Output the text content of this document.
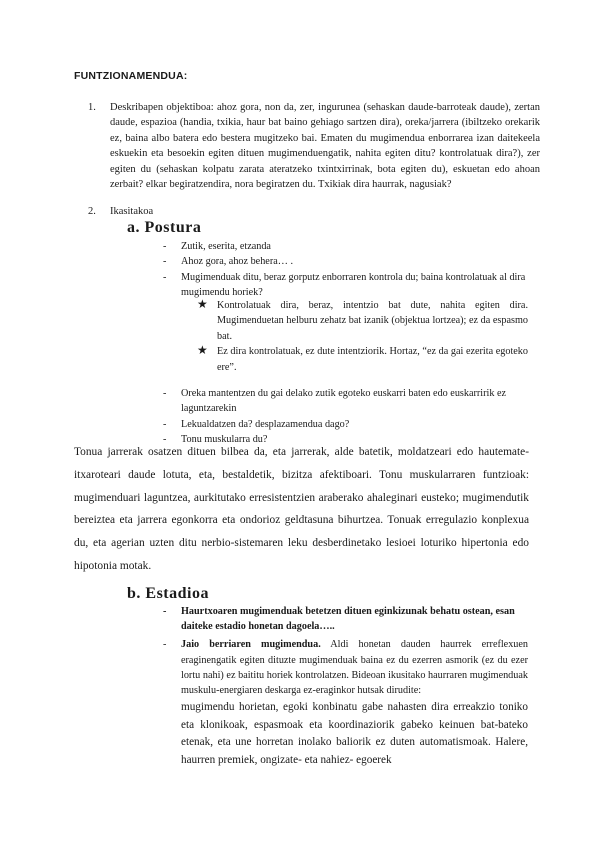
FUNTZIONAMENDUA:
1. Deskribapen objektiboa: ahoz gora, non da, zer, ingurunea (sehaskan daude-barroteak daude), zertan daude, espazioa (handia, txikia, haur bat baino gehiago sartzen dira), oreka/jarrera (ibiltzeko orekarik ez, baina albo batera edo bestera mugitzeko bai. Ematen du mugimendua enborrarea izan daitekeela eskuekin eta besoekin egiten dituen mugimenduengatik, nahita egiten ditu? kontrolatuak dira?), zer egiten du (sehaskan kolpatu zarata ateratzeko txintxirrinak, bota egiten du), eskuetan edo ahoan zerbait? elkar begiratzendira, nora begiratzen du. Txikiak dira haurrak, nagusiak?
2. Ikasitakoa
a. Postura
- Zutik, eserita, etzanda
- Ahoz gora, ahoz behera… .
- Mugimenduak ditu, beraz gorputz enborraren kontrola du; baina kontrolatuak al dira mugimendu horiek?
★ Kontrolatuak dira, beraz, intentzio bat dute, nahita egiten dira. Mugimenduetan helburu zehatz bat izanik (objektua lortzea); ez da espasmo bat.
★ Ez dira kontrolatuak, ez dute intentziorik. Hortaz, “ez da gai ezerita egoteko ere”.
- Oreka mantentzen du gai delako zutik egoteko euskarri baten edo euskarririk ez laguntzarekin
- Lekualdatzen da? desplazamendua dago?
- Tonu muskularra du?
Tonua jarrerak osatzen dituen bilbea da, eta jarrerak, alde batetik, moldatzeari edo hautemate-itxaroteari daude lotuta, eta, bestaldetik, bizitza afektiboari. Tonu muskularraren funtzioak: mugimenduari laguntzea, aurkitutako erresistentzien araberako ahaleginari eusteko; mugimendutik bereiztea eta jarrera egonkorra eta ondorioz geldtasuna bihurtzea. Tonuak erregulazio konplexua du, eta agerian uzten ditu nerbio-sistemaren leku desberdinetako lesioei loturiko hipertonia edo hipotonia motak.
b. Estadioa
- Haurtxoaren mugimenduak betetzen dituen eginkizunak behatu ostean, esan daiteke estadio honetan dagoela…..
- Jaio berriaren mugimendua. Aldi honetan dauden haurrek erreflexuen eraginengatik egiten dituzte mugimenduak baina ez du ezerren asmorik (ez du ezer lortu nahi) ez baititu horiek kontrolatzen. Bideoan ikusitako haurraren mugimenduak muskulu-energiaren deskarga ez-eraginkor hutsak dirudite:
mugimendu horietan, egoki konbinatu gabe nahasten dira erreakzio toniko eta klonikoak, espasmoak eta koordinaziorik gabeko keinuen bat-bateko etenak, eta une horretan inolako baliorik ez duten automatismoak. Halere, haurren premiek, ongizate- eta nahiez- egoerek
